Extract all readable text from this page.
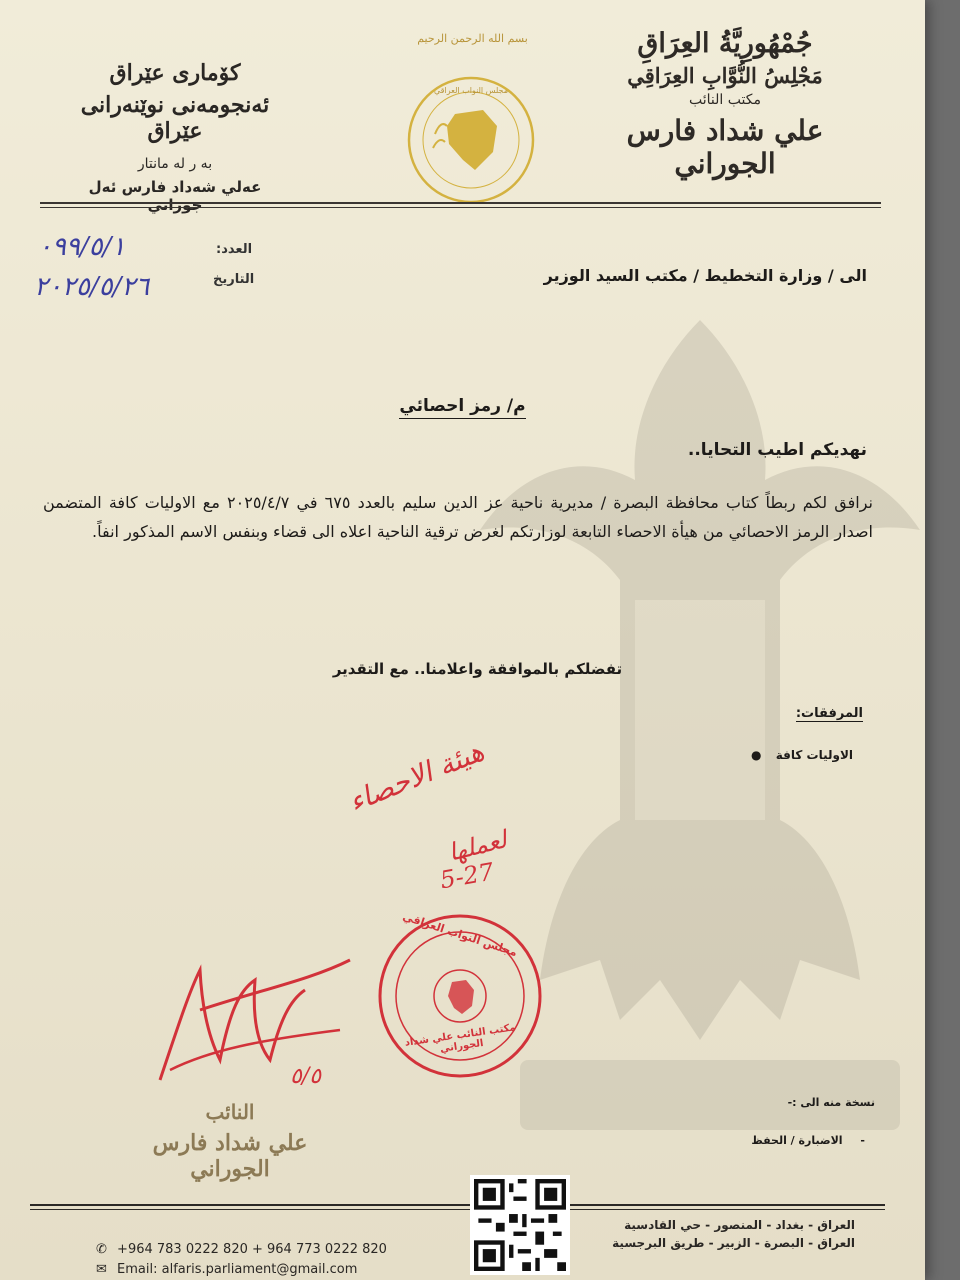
جُمْهُورِيَّةُ العِرَاقِ
مَجْلِسُ النُّوَّابِ العِرَاقِي
مكتب النائب
علي شداد فارس الجوراني
كۆماری عێراق
ئه‌نجومه‌نی نوێنه‌رانی عێراق
به‌ ر له‌ مانتار
عه‌لي شه‌داد فارس ئه‌ل جوراني
بسم الله الرحمن الرحيم
مجلس النواب العراقي
العدد:
٠٩٩/٥/١
التاريخ
٢٠٢٥/٥/٢٦	الى / وزارة التخطيط / مكتب السيد الوزير
م/ رمز احصائي
نهديكم اطيب التحايا..
نرافق لكم ربطاً كتاب محافظة البصرة / مديرية ناحية عز الدين سليم بالعدد ٦٧٥ في ٢٠٢٥/٤/٧ مع الاوليات كافة المتضمن اصدار الرمز الاحصائي من هيأة الاحصاء التابعة لوزارتكم لغرض ترقية الناحية اعلاه الى قضاء وبنفس الاسم المذكور انفاً.
تفضلكم بالموافقة واعلامنا.. مع التقدير
المرفقات:
الاوليات كافة ●
هيئة الاحصاء
لعملها
5-27
مجلس النواب العراقي
مكتب النائب علي شداد الجوراني
٥/٥
النائب
علي شداد فارس الجوراني
نسخة منه الى :-
- الاضبارة / الحفظ
العراق - بغداد - المنصور - حي القادسية
العراق - البصرة - الزبير - طريق البرجسية
✆ +964 783 0222 820 + 964 773 0222 820
✉ Email: alfaris.parliament@gmail.com
